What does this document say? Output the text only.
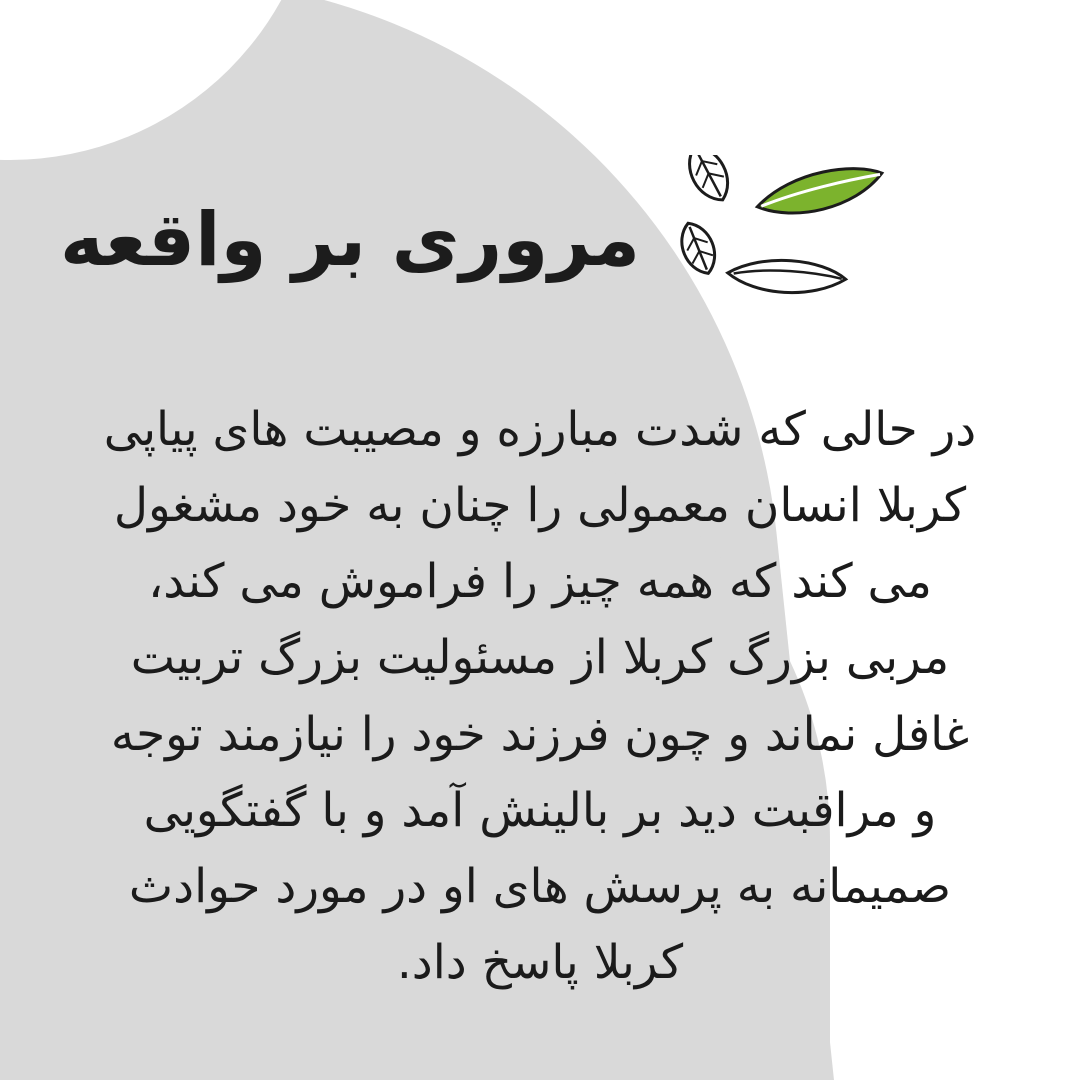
مروری بر واقعه

در حالی که شدت مبارزه و مصیبت های پیاپی کربلا انسان معمولی را چنان به خود مشغول می کند که همه چیز را فراموش می کند، مربی بزرگ کربلا از مسئولیت بزرگ تربیت غافل نماند و چون فرزند خود را نیازمند توجه و مراقبت دید بر بالینش آمد و با گفتگویی صمیمانه به پرسش های او در مورد حوادث کربلا پاسخ داد.
